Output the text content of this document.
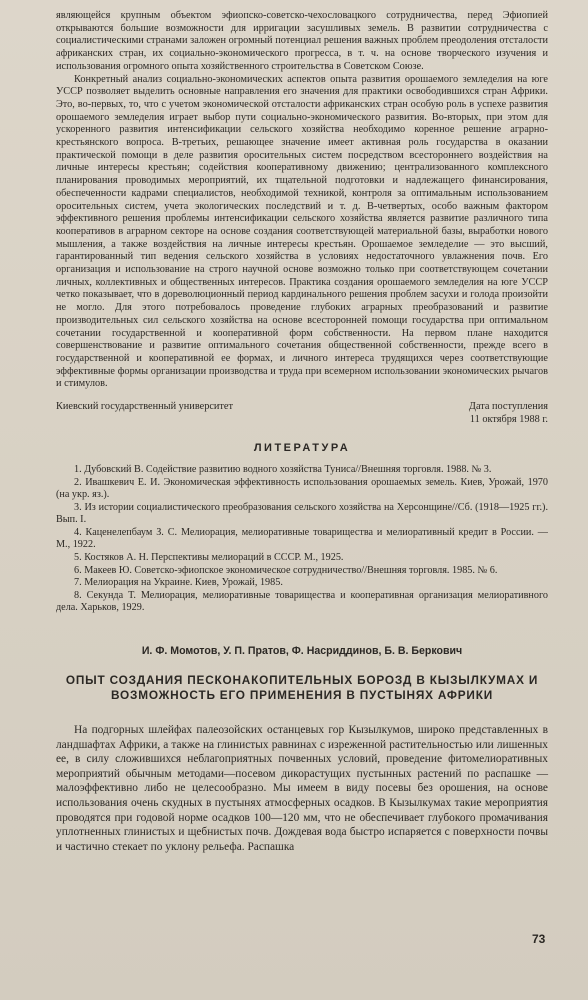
являющейся крупным объектом эфиопско-советско-чехословацкого сотрудничества, перед Эфиопией открываются большие возможности для ирригации засушливых земель. В развитии сотрудничества с социалистическими странами заложен огромный потенциал решения важных проблем преодоления отсталости африканских стран, их социально-экономического прогресса, в т. ч. на основе творческого изучения и использования огромного опыта хозяйственного строительства в Советском Союзе.

Конкретный анализ социально-экономических аспектов опыта развития орошаемого земледелия на юге УССР позволяет выделить основные направления его значения для практики освободившихся стран Африки. Это, во-первых, то, что с учетом экономической отсталости африканских стран особую роль в успехе развития орошаемого земледелия играет выбор пути социально-экономического развития. Во-вторых, при этом для ускоренного развития интенсификации сельского хозяйства необходимо коренное решение аграрно-крестьянского вопроса. В-третьих, решающее значение имеет активная роль государства в оказании практической помощи в деле развития оросительных систем посредством всестороннего воздействия на личные интересы крестьян; содействия кооперативному движению; централизованного комплексного планирования проводимых мероприятий, их тщательной подготовки и надлежащего финансирования, обеспеченности кадрами специалистов, необходимой техникой, контроля за оптимальным использованием оросительных систем, учета экологических последствий и т. д. В-четвертых, особо важным фактором эффективного решения проблемы интенсификации сельского хозяйства является развитие различного типа кооперативов в аграрном секторе на основе создания соответствующей материальной базы, выработки нового мышления, а также воздействия на личные интересы крестьян. Орошаемое земледелие — это высший, гарантированный тип ведения сельского хозяйства в условиях недостаточного увлажнения почв. Его организация и использование на строго научной основе возможно только при соответствующем сочетании личных, коллективных и общественных интересов. Практика создания орошаемого земледелия на юге УССР четко показывает, что в дореволюционный период кардинального решения проблем засухи и голода произойти не могло. Для этого потребовалось проведение глубоких аграрных преобразований и развитие производительных сил сельского хозяйства на основе всесторонней помощи государства при оптимальном сочетании государственной и кооперативной форм собственности. На первом плане находится совершенствование и развитие оптимального сочетания общественной собственности, прежде всего в государственной и кооперативной ее формах, и личного интереса трудящихся через соответствующие эффективные формы организации производства и труда при всемерном использовании экономических рычагов и стимулов.

Киевский государственный университет	Дата поступления
11 октября 1988 г.
ЛИТЕРАТУРА

1. Дубовский В. Содействие развитию водного хозяйства Туниса//Внешняя торговля. 1988. № 3.

2. Ивашкевич Е. И. Экономическая эффективность использования орошаемых земель. Киев, Урожай, 1970 (на укр. яз.).

3. Из истории социалистического преобразования сельского хозяйства на Херсонщине//Сб. (1918—1925 гг.). Вып. I.

4. Каценелепбаум З. С. Мелиорация, мелиоративные товарищества и мелиоративный кредит в России. — М., 1922.

5. Костяков А. Н. Перспективы мелиораций в СССР. М., 1925.

6. Макеев Ю. Советско-эфиопское экономическое сотрудничество//Внешняя торговля. 1985. № 6.

7. Мелиорация на Украине. Киев, Урожай, 1985.

8. Секунда Т. Мелиорация, мелиоративные товарищества и кооперативная организация мелиоративного дела. Харьков, 1929.

И. Ф. Момотов, У. П. Пратов, Ф. Насриддинов, Б. В. Беркович
ОПЫТ СОЗДАНИЯ ПЕСКОНАКОПИТЕЛЬНЫХ БОРОЗД В КЫЗЫЛКУМАХ И ВОЗМОЖНОСТЬ ЕГО ПРИМЕНЕНИЯ В ПУСТЫНЯХ АФРИКИ

На подгорных шлейфах палеозойских останцевых гор Кызылкумов, широко представленных в ландшафтах Африки, а также на глинистых равнинах с изреженной растительностью или лишенных ее, в силу сложившихся неблагоприятных почвенных условий, проведение фитомелиоративных мероприятий обычным методами—посевом дикорастущих пустынных растений по распашке — малоэффективно либо не целесообразно. Мы имеем в виду посевы без орошения, на основе использования очень скудных в пустынях атмосферных осадков. В Кызылкумах такие мероприятия проводятся при годовой норме осадков 100—120 мм, что не обеспечивает глубокого промачивания уплотненных глинистых и щебнистых почв. Дождевая вода быстро испаряется с поверхности почвы и частично стекает по уклону рельефа. Распашка

73
